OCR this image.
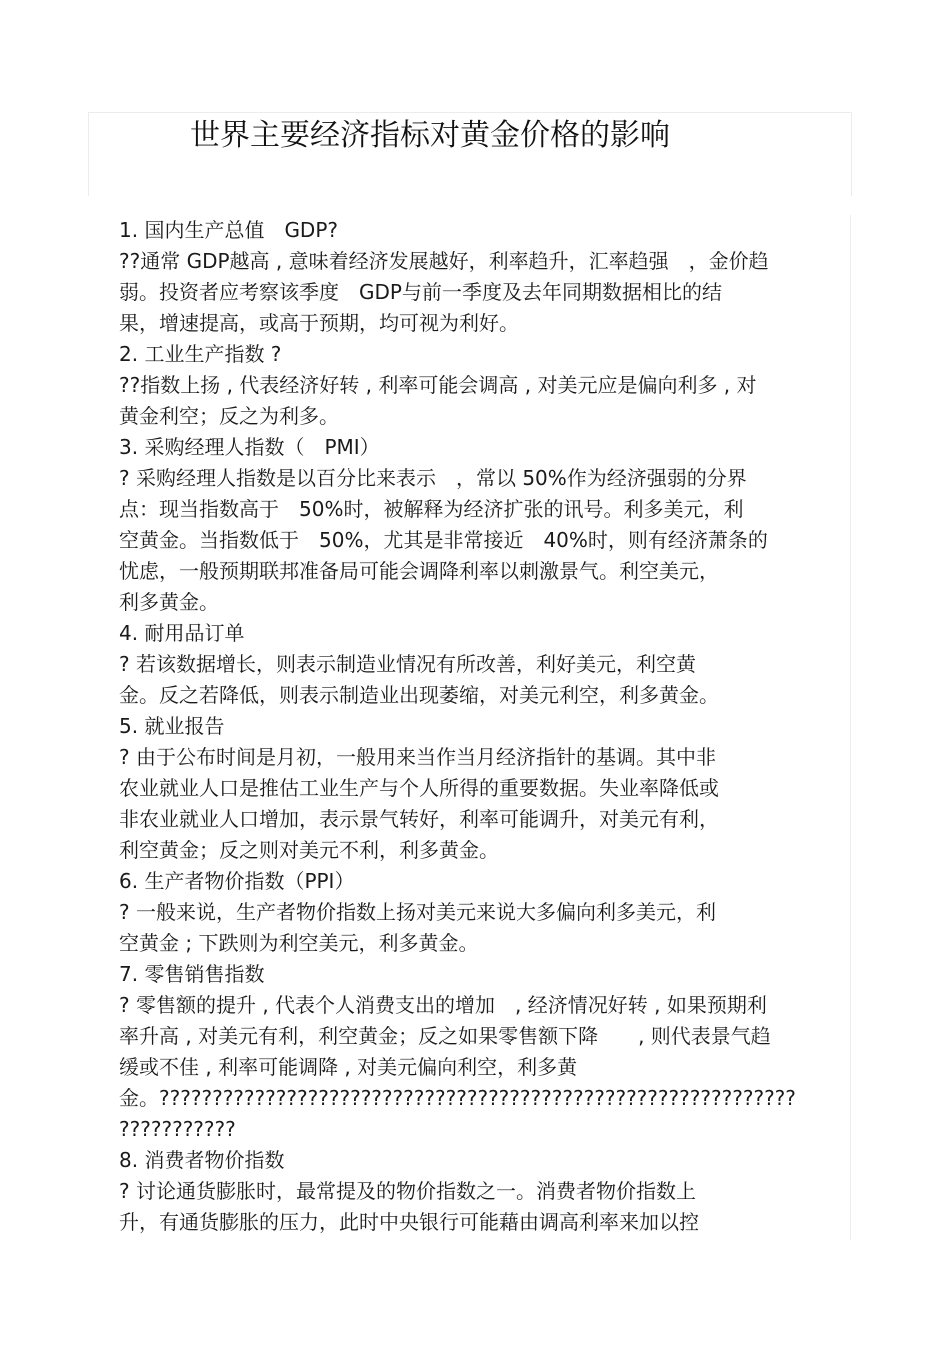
世界主要经济指标对黄金价格的影响
1. 国内生产总值　GDP?
??通常 GDP越高 , 意味着经济发展越好，利率趋升，汇率趋强　，金价趋
弱。投资者应考察该季度　GDP与前一季度及去年同期数据相比的结
果，增速提高，或高于预期，均可视为利好。
2. 工业生产指数 ?
??指数上扬 , 代表经济好转 , 利率可能会调高 , 对美元应是偏向利多 , 对
黄金利空；反之为利多。
3. 采购经理人指数（　PMI）
? 采购经理人指数是以百分比来表示　，常以 50%作为经济强弱的分界
点：现当指数高于　50%时，被解释为经济扩张的讯号。利多美元，利
空黄金。当指数低于　50%，尤其是非常接近　40%时，则有经济萧条的
忧虑，一般预期联邦准备局可能会调降利率以刺激景气。利空美元，
利多黄金。
4. 耐用品订单
? 若该数据增长，则表示制造业情况有所改善，利好美元，利空黄
金。反之若降低，则表示制造业出现萎缩，对美元利空，利多黄金。
5. 就业报告
? 由于公布时间是月初，一般用来当作当月经济指针的基调。其中非
农业就业人口是推估工业生产与个人所得的重要数据。失业率降低或
非农业就业人口增加，表示景气转好，利率可能调升，对美元有利，
利空黄金；反之则对美元不利，利多黄金。
6. 生产者物价指数（PPI）
? 一般来说，生产者物价指数上扬对美元来说大多偏向利多美元，利
空黄金 ; 下跌则为利空美元，利多黄金。
7. 零售销售指数
? 零售额的提升 , 代表个人消费支出的增加　, 经济情况好转 , 如果预期利
率升高 , 对美元有利，利空黄金；反之如果零售额下降　　, 则代表景气趋
缓或不佳 , 利率可能调降 , 对美元偏向利空，利多黄
金。????????????????????????????????????????????????????????????
???????????
8. 消费者物价指数
? 讨论通货膨胀时，最常提及的物价指数之一。消费者物价指数上
升，有通货膨胀的压力，此时中央银行可能藉由调高利率来加以控
